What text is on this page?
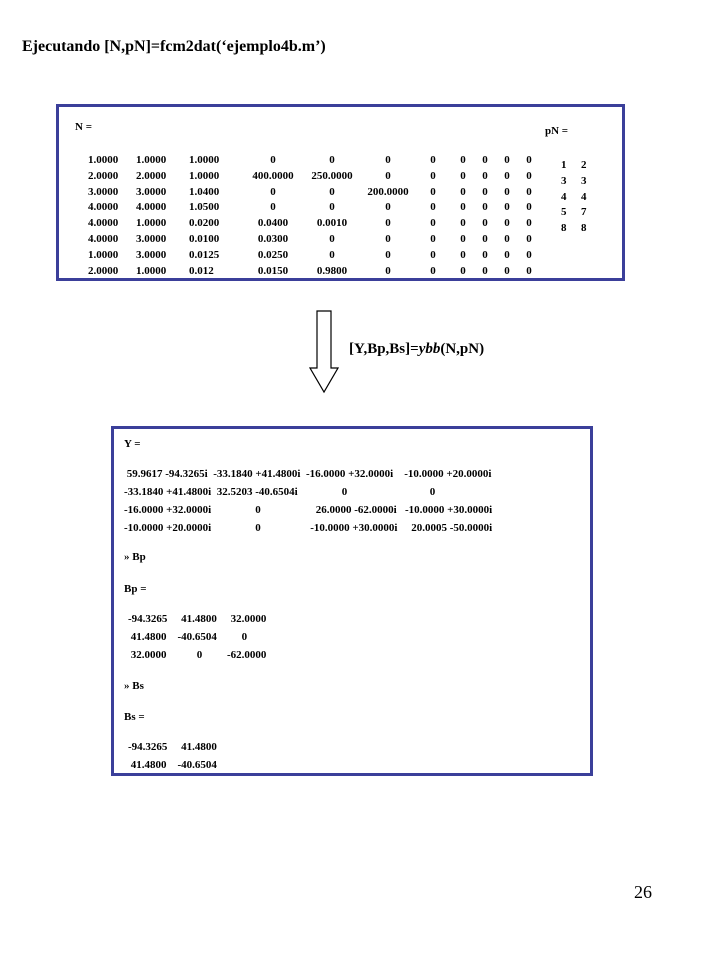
Ejecutando [N,pN]=fcm2dat(‘ejemplo4b.m’)
N =
1.0000	1.0000	1.0000	0	0	0	0 0 0 0 0
2.0000	2.0000	1.0000	400.0000	250.0000	0	0 0 0 0 0
3.0000	3.0000	1.0400	0	0	200.0000	0 0 0 0 0
4.0000	4.0000	1.0500	0	0	0	0 0 0 0 0
4.0000	1.0000	0.0200	0.0400	0.0010	0	0 0 0 0 0
4.0000	3.0000	0.0100	0.0300	0	0	0 0 0 0 0
1.0000	3.0000	0.0125	0.0250	0	0	0 0 0 0 0
2.0000	1.0000	0.012	0.0150	0.9800	0	0 0 0 0 0
pN =
1 2
3 3
4 4
5 7
8 8
[Y,Bp,Bs]=ybb(N,pN)
Y =
59.9617 -94.3265i  -33.1840 +41.4800i  -16.0000 +32.0000i    -10.0000 +20.0000i
-33.1840 +41.4800i  32.5203 -40.6504i                0                              0
-16.0000 +32.0000i                0                    26.0000 -62.0000i   -10.0000 +30.0000i
-10.0000 +20.0000i                0                  -10.0000 +30.0000i     20.0005 -50.0000i
» Bp
Bp =
-94.3265     41.4800     32.0000
41.4800    -40.6504         0
32.0000           0         -62.0000
» Bs
Bs =
-94.3265     41.4800
41.4800    -40.6504
26
